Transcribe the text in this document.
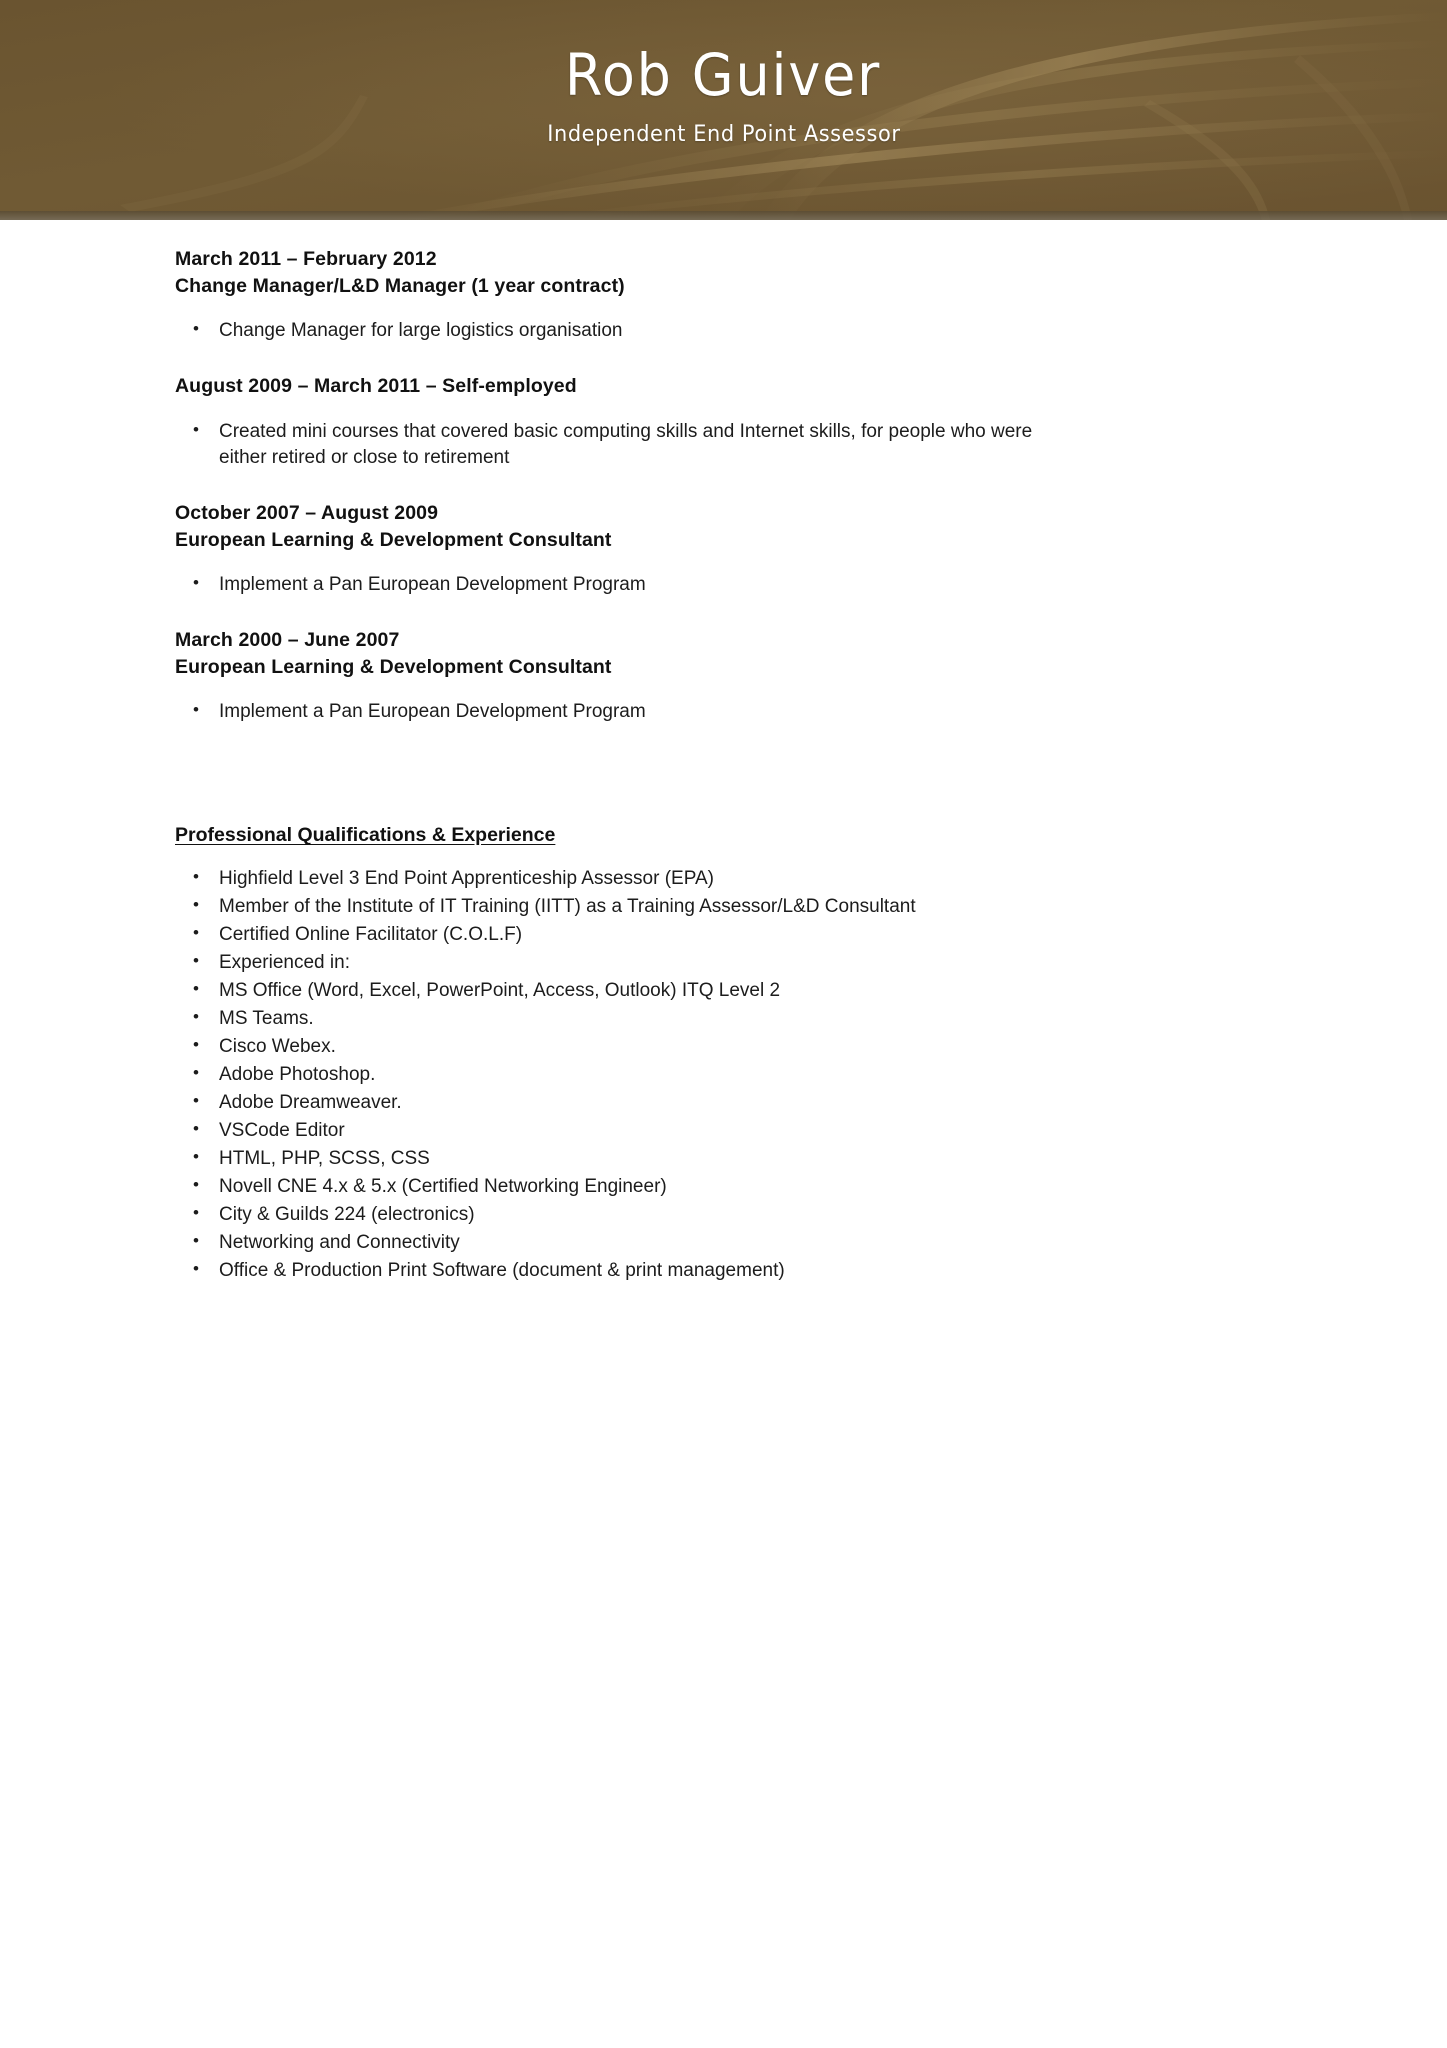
Rob Guiver
Independent End Point Assessor
March 2011 – February 2012
Change Manager/L&D Manager (1 year contract)
• Change Manager for large logistics organisation
August 2009 – March 2011 – Self-employed
• Created mini courses that covered basic computing skills and Internet skills, for people who were either retired or close to retirement
October 2007 – August 2009
European Learning & Development Consultant
• Implement a Pan European Development Program
March 2000 – June 2007
European Learning & Development Consultant
• Implement a Pan European Development Program
Professional Qualifications & Experience
• Highfield Level 3 End Point Apprenticeship Assessor (EPA)
• Member of the Institute of IT Training (IITT) as a Training Assessor/L&D Consultant
• Certified Online Facilitator (C.O.L.F)
• Experienced in:
• MS Office (Word, Excel, PowerPoint, Access, Outlook) ITQ Level 2
• MS Teams.
• Cisco Webex.
• Adobe Photoshop.
• Adobe Dreamweaver.
• VSCode Editor
• HTML, PHP, SCSS, CSS
• Novell CNE 4.x & 5.x (Certified Networking Engineer)
• City & Guilds 224 (electronics)
• Networking and Connectivity
• Office & Production Print Software (document & print management)
